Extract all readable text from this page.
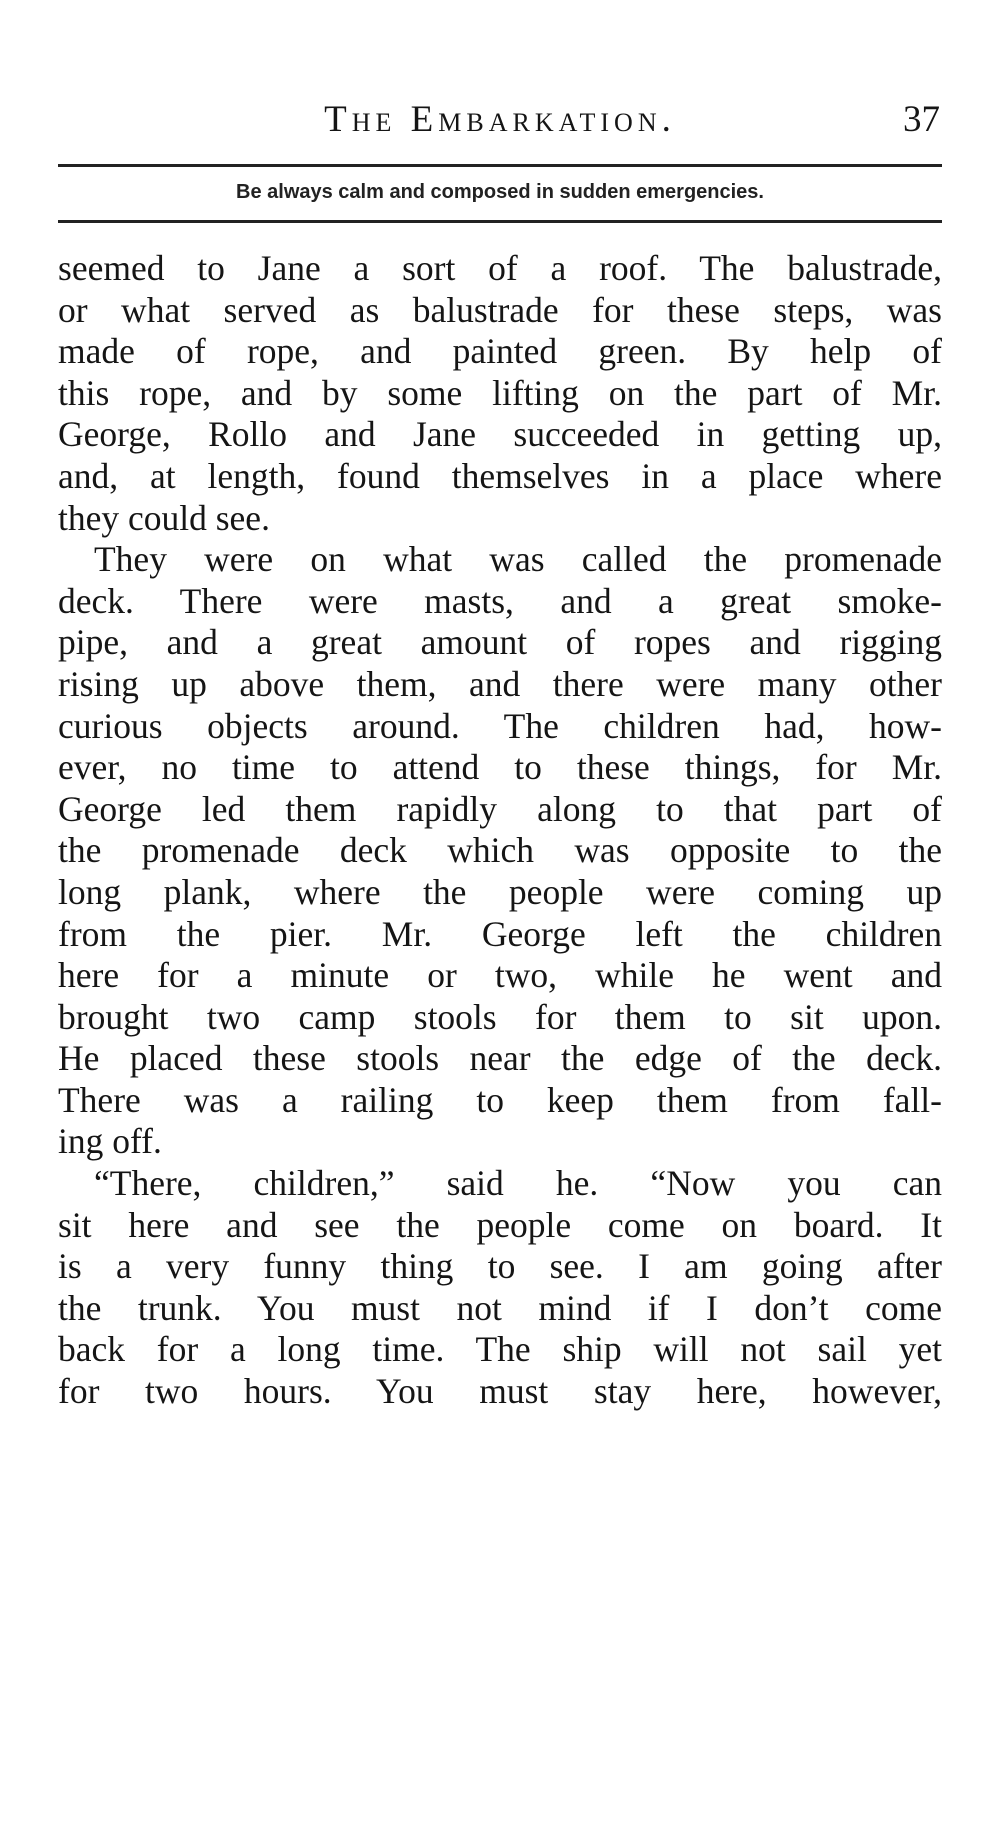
The Embarkation.	37
Be always calm and composed in sudden emergencies.
seemed to Jane a sort of a roof. The balustrade,
or what served as balustrade for these steps, was
made of rope, and painted green. By help of
this rope, and by some lifting on the part of Mr.
George, Rollo and Jane succeeded in getting up,
and, at length, found themselves in a place where
they could see.
They were on what was called the promenade
deck. There were masts, and a great smoke-
pipe, and a great amount of ropes and rigging
rising up above them, and there were many other
curious objects around. The children had, how-
ever, no time to attend to these things, for Mr.
George led them rapidly along to that part of
the promenade deck which was opposite to the
long plank, where the people were coming up
from the pier. Mr. George left the children
here for a minute or two, while he went and
brought two camp stools for them to sit upon.
He placed these stools near the edge of the deck.
There was a railing to keep them from fall-
ing off.
“There, children,” said he. “Now you can
sit here and see the people come on board. It
is a very funny thing to see. I am going after
the trunk. You must not mind if I don’t come
back for a long time. The ship will not sail yet
for two hours. You must stay here, however,
